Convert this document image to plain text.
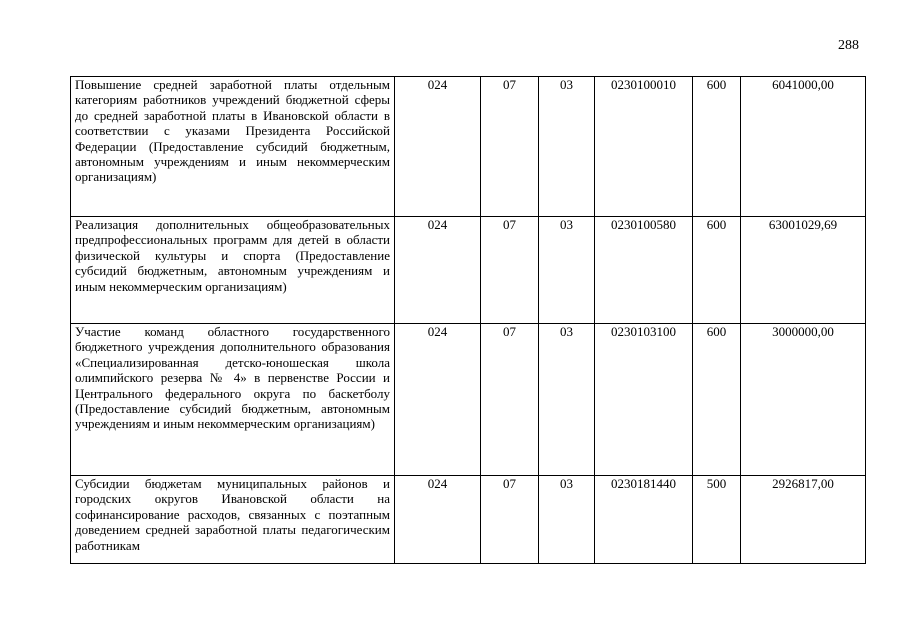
288
Повышение средней заработной платы отдельным категориям работников учреждений бюджетной сферы до средней заработной платы в Ивановской области в соответствии с указами Президента Российской Федерации (Предоставление субсидий бюджетным, автономным учреждениям и иным некоммерческим организациям)	024	07	03	0230100010	600	6041000,00
Реализация дополнительных общеобразовательных предпрофессиональных программ для детей в области физической культуры и спорта (Предоставление субсидий бюджетным, автономным учреждениям и иным некоммерческим организациям)	024	07	03	0230100580	600	63001029,69
Участие команд областного государственного бюджетного учреждения дополнительного образования «Специализированная детско-юношеская школа олимпийского резерва № 4» в первенстве России и Центрального федерального округа по баскетболу (Предоставление субсидий бюджетным, автономным учреждениям и иным некоммерческим организациям)	024	07	03	0230103100	600	3000000,00
Субсидии бюджетам муниципальных районов и городских округов Ивановской области на софинансирование расходов, связанных с поэтапным доведением средней заработной платы педагогическим работникам	024	07	03	0230181440	500	2926817,00
